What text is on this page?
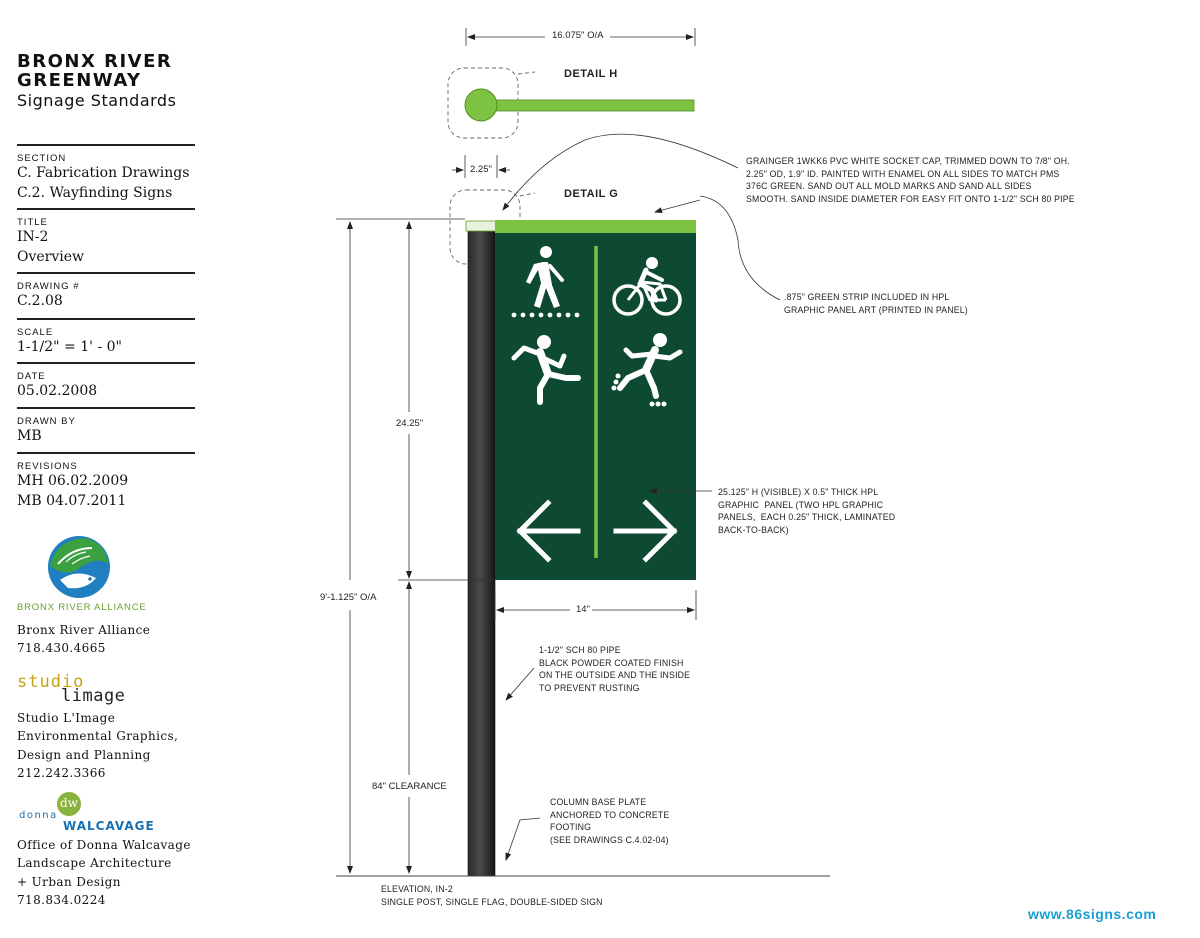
BRONX RIVER
GREENWAY
Signage Standards
SECTION
C. Fabrication Drawings
C.2. Wayfinding Signs
TITLE
IN-2
Overview
DRAWING #
C.2.08
SCALE
1-1/2" = 1' - 0"
DATE
05.02.2008
DRAWN BY
MB
REVISIONS
MH 06.02.2009
MB 04.07.2011
BRONX RIVER ALLIANCE
Bronx River Alliance
718.430.4665
studio
limage
Studio L'Image
Environmental Graphics,
Design and Planning
212.242.3366
dw
donna
WALCAVAGE
Office of Donna Walcavage
Landscape Architecture
+ Urban Design
718.834.0224
16.075" O/A
DETAIL H
DETAIL G
2.25"
24.25"
9'-1.125" O/A
14"
84" CLEARANCE
GRAINGER 1WKK6 PVC WHITE SOCKET CAP, TRIMMED DOWN TO 7/8" OH.
2.25" OD, 1.9" ID. PAINTED WITH ENAMEL ON ALL SIDES TO MATCH PMS
376C GREEN. SAND OUT ALL MOLD MARKS AND SAND ALL SIDES
SMOOTH. SAND INSIDE DIAMETER FOR EASY FIT ONTO 1-1/2" SCH 80 PIPE
.875" GREEN STRIP INCLUDED IN HPL
GRAPHIC PANEL ART (PRINTED IN PANEL)
25.125" H (VISIBLE) X 0.5" THICK HPL
GRAPHIC  PANEL (TWO HPL GRAPHIC
PANELS,  EACH 0.25" THICK, LAMINATED
BACK-TO-BACK)
1-1/2" SCH 80 PIPE
BLACK POWDER COATED FINISH
ON THE OUTSIDE AND THE INSIDE
TO PREVENT RUSTING
COLUMN BASE PLATE
ANCHORED TO CONCRETE
FOOTING
(SEE DRAWINGS C.4.02-04)
ELEVATION, IN-2
SINGLE POST, SINGLE FLAG, DOUBLE-SIDED SIGN
www.86signs.com
